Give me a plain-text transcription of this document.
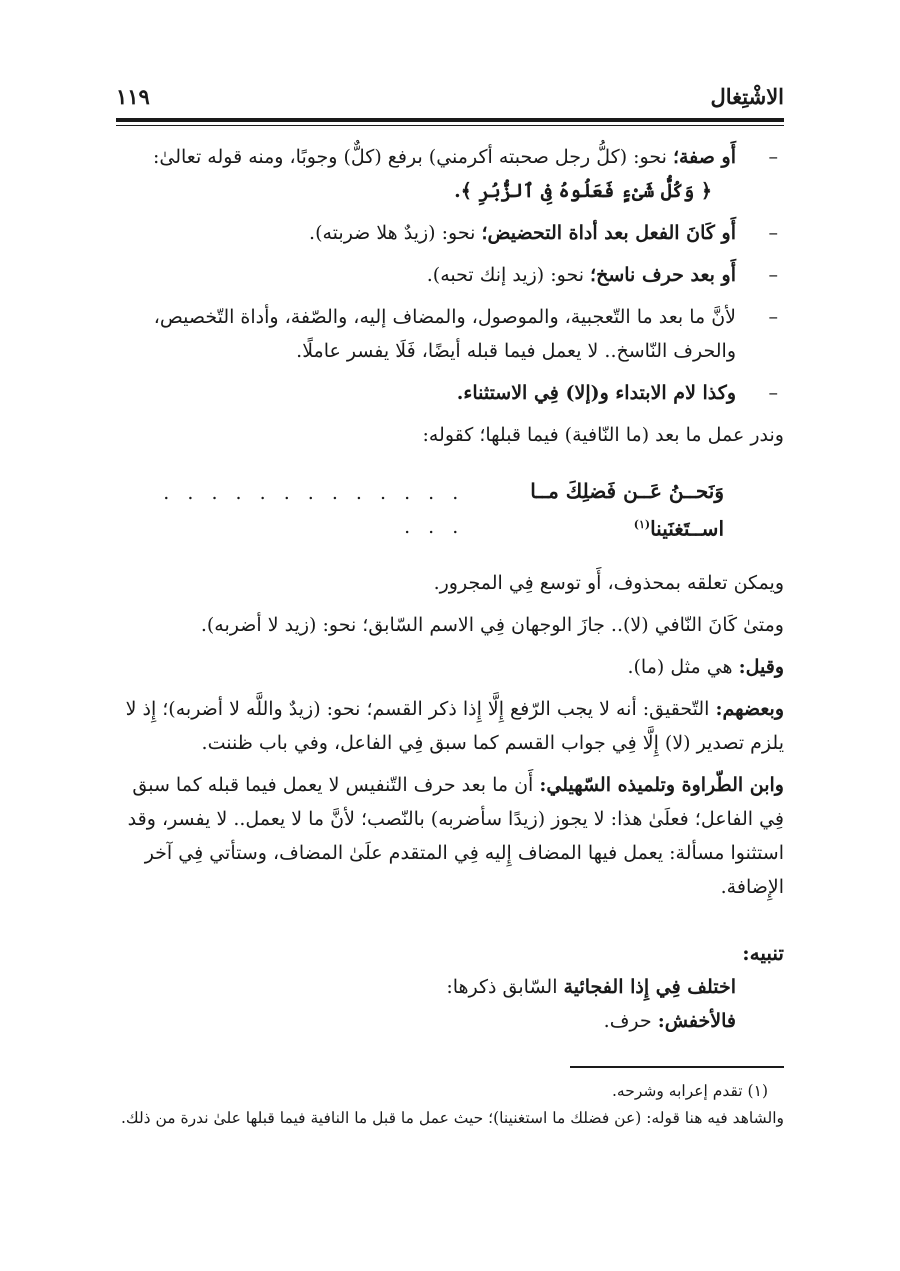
الاشْتِغال
١١٩
–
أَو صفة؛ نحو: (كلُّ رجل صحبته أكرمني) برفع (كلٌّ) وجوبًا، ومنه قوله تعالىٰ:
﴿ وَكُلُّ شَىْءٍ فَعَلُوهُ فِى ٱلزُّبُرِ ﴾.
–
أَو كَانَ الفعل بعد أداة التحضيض؛ نحو: (زيدٌ هلا ضربته).
–
أَو بعد حرف ناسخ؛ نحو: (زيد إنك تحبه).
–
لأنَّ ما بعد ما التّعجبية، والموصول، والمضاف إليه، والصّفة، وأداة التّخصيص، والحرف النّاسخ.. لا يعمل فيما قبله أيضًا، فَلَا يفسر عاملًا.
–
وكذا لام الابتداء و(إلا) فِي الاستثناء.
وندر عمل ما بعد (ما النّافية) فيما قبلها؛ كقوله:
وَنَحــنُ عَــن فَضلِكَ مــا اســتَغنَينا$^{(١)}$
. . . . . . . . . . . . . . . .
ويمكن تعلقه بمحذوف، أَو توسع فِي المجرور.
ومتىٰ كَانَ النّافي (لا).. جازَ الوجهان فِي الاسم السّابق؛ نحو: (زيد لا أضربه).
وقيل: هي مثل (ما).
وبعضهم: التّحقيق: أنه لا يجب الرّفع إِلَّا إِذا ذكر القسم؛ نحو: (زيدٌ واللَّه لا أضربه)؛ إِذ لا يلزم تصدير (لا) إِلَّا فِي جواب القسم كما سبق فِي الفاعل، وفي باب ظننت.
وابن الطّراوة وتلميذه السّهيلي: أَن ما بعد حرف التّنفيس لا يعمل فيما قبله كما سبق فِي الفاعل؛ فعلَىٰ هذا: لا يجوز (زيدًا سأضربه) بالنّصب؛ لأنَّ ما لا يعمل.. لا يفسر، وقد استثنوا مسألة: يعمل فيها المضاف إِليه فِي المتقدم علَىٰ المضاف، وستأتي فِي آخر الإِضافة.
تنبيه:
اختلف فِي إِذا الفجائية السّابق ذكرها:
فالأخفش: حرف.
(١) تقدم إعرابه وشرحه.
والشاهد فيه هنا قوله: (عن فضلك ما استغنينا)؛ حيث عمل ما قبل ما النافية فيما قبلها علىٰ ندرة من ذلك.
